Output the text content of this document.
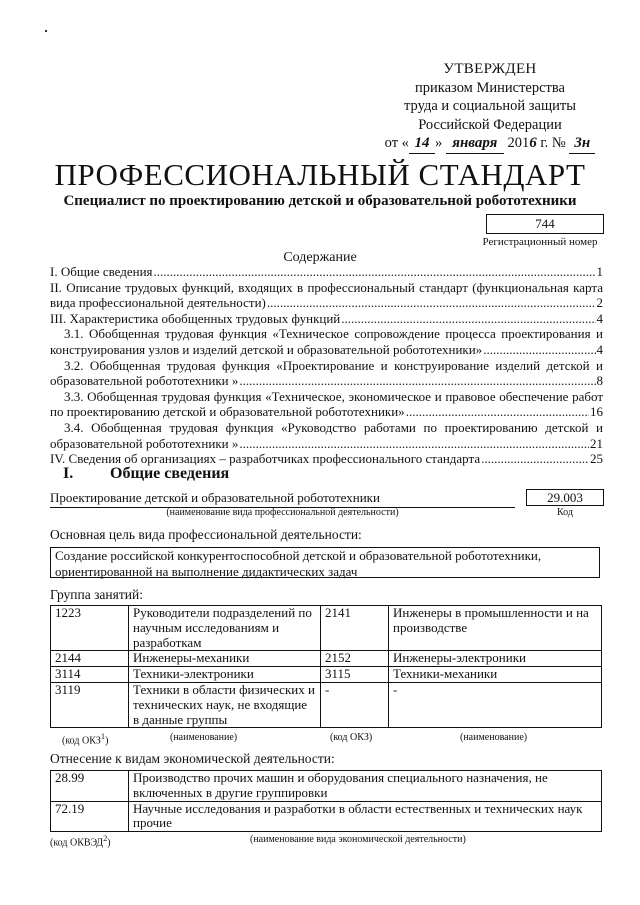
УТВЕРЖДЕН
приказом Министерства
труда и социальной защиты
Российской Федерации
от « 14 » января 2016 г. № 3н
ПРОФЕССИОНАЛЬНЫЙ СТАНДАРТ
Специалист по проектированию детской и образовательной робототехники
744
Регистрационный номер
Содержание
I. Общие сведения .....	1
II. Описание трудовых функций, входящих в профессиональный стандарт (функциональная карта
вида профессиональной деятельности) .....	2
III. Характеристика обобщенных трудовых функций .....	4
3.1. Обобщенная трудовая функция «Техническое сопровождение процесса проектирования и
конструирования узлов и изделий детской и образовательной робототехники» .....	4
3.2. Обобщенная трудовая функция «Проектирование и конструирование изделий детской и
образовательной робототехники » .....	8
3.3. Обобщенная трудовая функция «Техническое, экономическое и правовое обеспечение работ
по проектированию детской и образовательной робототехники» .....	16
3.4. Обобщенная трудовая функция «Руководство работами по проектированию детской и
образовательной робототехники » .....	21
IV. Сведения об организациях – разработчиках профессионального стандарта .....	25
I. Общие сведения
Проектирование детской и образовательной робототехники
(наименование вида профессиональной деятельности)
29.003
Код
Основная цель вида профессиональной деятельности:
Создание российской конкурентоспособной детской и образовательной робототехники, ориентированной на выполнение дидактических задач
Группа занятий:
1223	Руководители подразделений по научным исследованиям и разработкам	2141	Инженеры в промышленности и на производстве
2144	Инженеры-механики	2152	Инженеры-электроники
3114	Техники-электроники	3115	Техники-механики
3119	Техники в области физических и технических наук, не входящие в данные группы	-	-
(код ОКЗ$^1$)	(наименование)	(код ОКЗ)	(наименование)
Отнесение к видам экономической деятельности:
28.99	Производство прочих машин и оборудования специального назначения, не включенных в другие группировки
72.19	Научные исследования и разработки в области естественных и технических наук прочие
(код ОКВЭД$^2$)	(наименование вида экономической деятельности)
